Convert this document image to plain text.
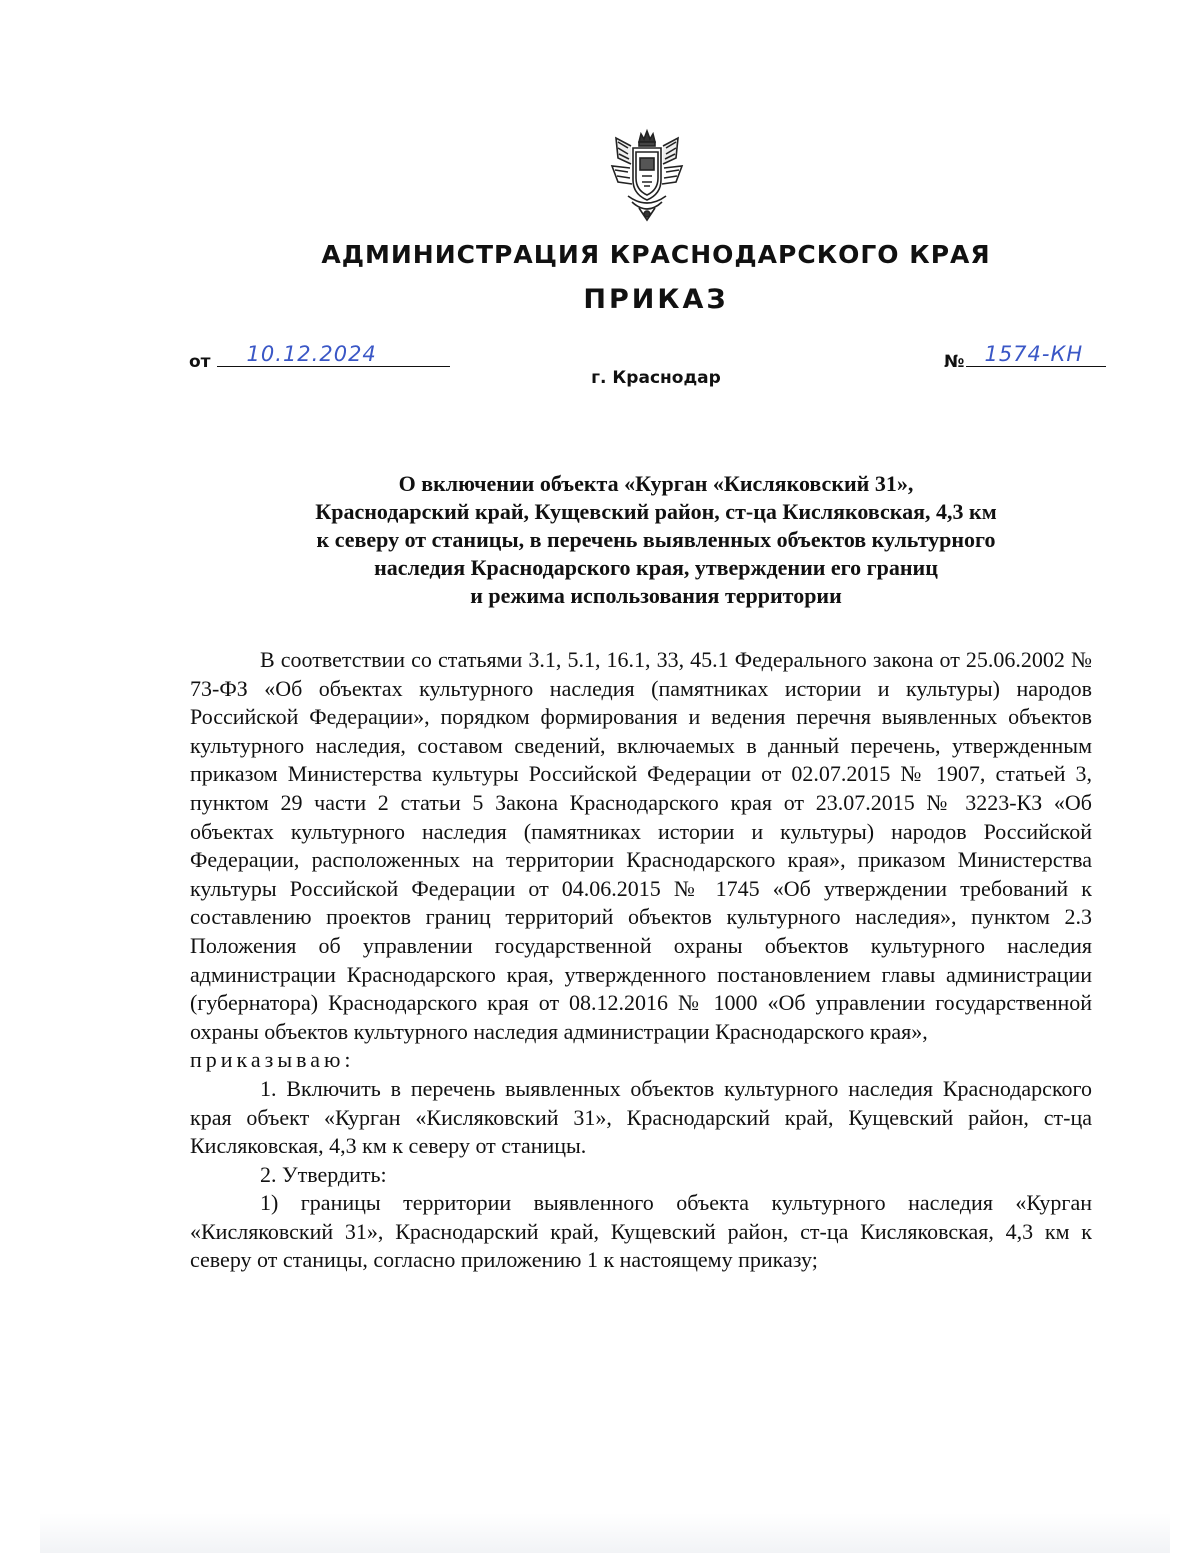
АДМИНИСТРАЦИЯ КРАСНОДАРСКОГО КРАЯ
ПРИКАЗ
от 10.12.2024	№ 1574-КН
г. Краснодар
О включении объекта «Курган «Кисляковский 31»,
Краснодарский край, Кущевский район, ст-ца Кисляковская, 4,3 км
к северу от станицы, в перечень выявленных объектов культурного
наследия Краснодарского края, утверждении его границ
и режима использования территории

В соответствии со статьями 3.1, 5.1, 16.1, 33, 45.1 Федерального закона от 25.06.2002 № 73-ФЗ «Об объектах культурного наследия (памятниках истории и культуры) народов Российской Федерации», порядком формирования и ведения перечня выявленных объектов культурного наследия, составом сведений, включаемых в данный перечень, утвержденным приказом Министерства культуры Российской Федерации от 02.07.2015 № 1907, статьей 3, пунктом 29 части 2 статьи 5 Закона Краснодарского края от 23.07.2015 № 3223-КЗ «Об объектах культурного наследия (памятниках истории и культуры) народов Российской Федерации, расположенных на территории Краснодарского края», приказом Министерства культуры Российской Федерации от 04.06.2015 № 1745 «Об утверждении требований к составлению проектов границ территорий объектов культурного наследия», пунктом 2.3 Положения об управлении государственной охраны объектов культурного наследия администрации Краснодарского края, утвержденного постановлением главы администрации (губернатора) Краснодарского края от 08.12.2016 № 1000 «Об управлении государственной охраны объектов культурного наследия администрации Краснодарского края»,

приказываю:

1. Включить в перечень выявленных объектов культурного наследия Краснодарского края объект «Курган «Кисляковский 31», Краснодарский край, Кущевский район, ст-ца Кисляковская, 4,3 км к северу от станицы.

2. Утвердить:

1) границы территории выявленного объекта культурного наследия «Курган «Кисляковский 31», Краснодарский край, Кущевский район, ст-ца Кисляковская, 4,3 км к северу от станицы, согласно приложению 1 к настоящему приказу;
